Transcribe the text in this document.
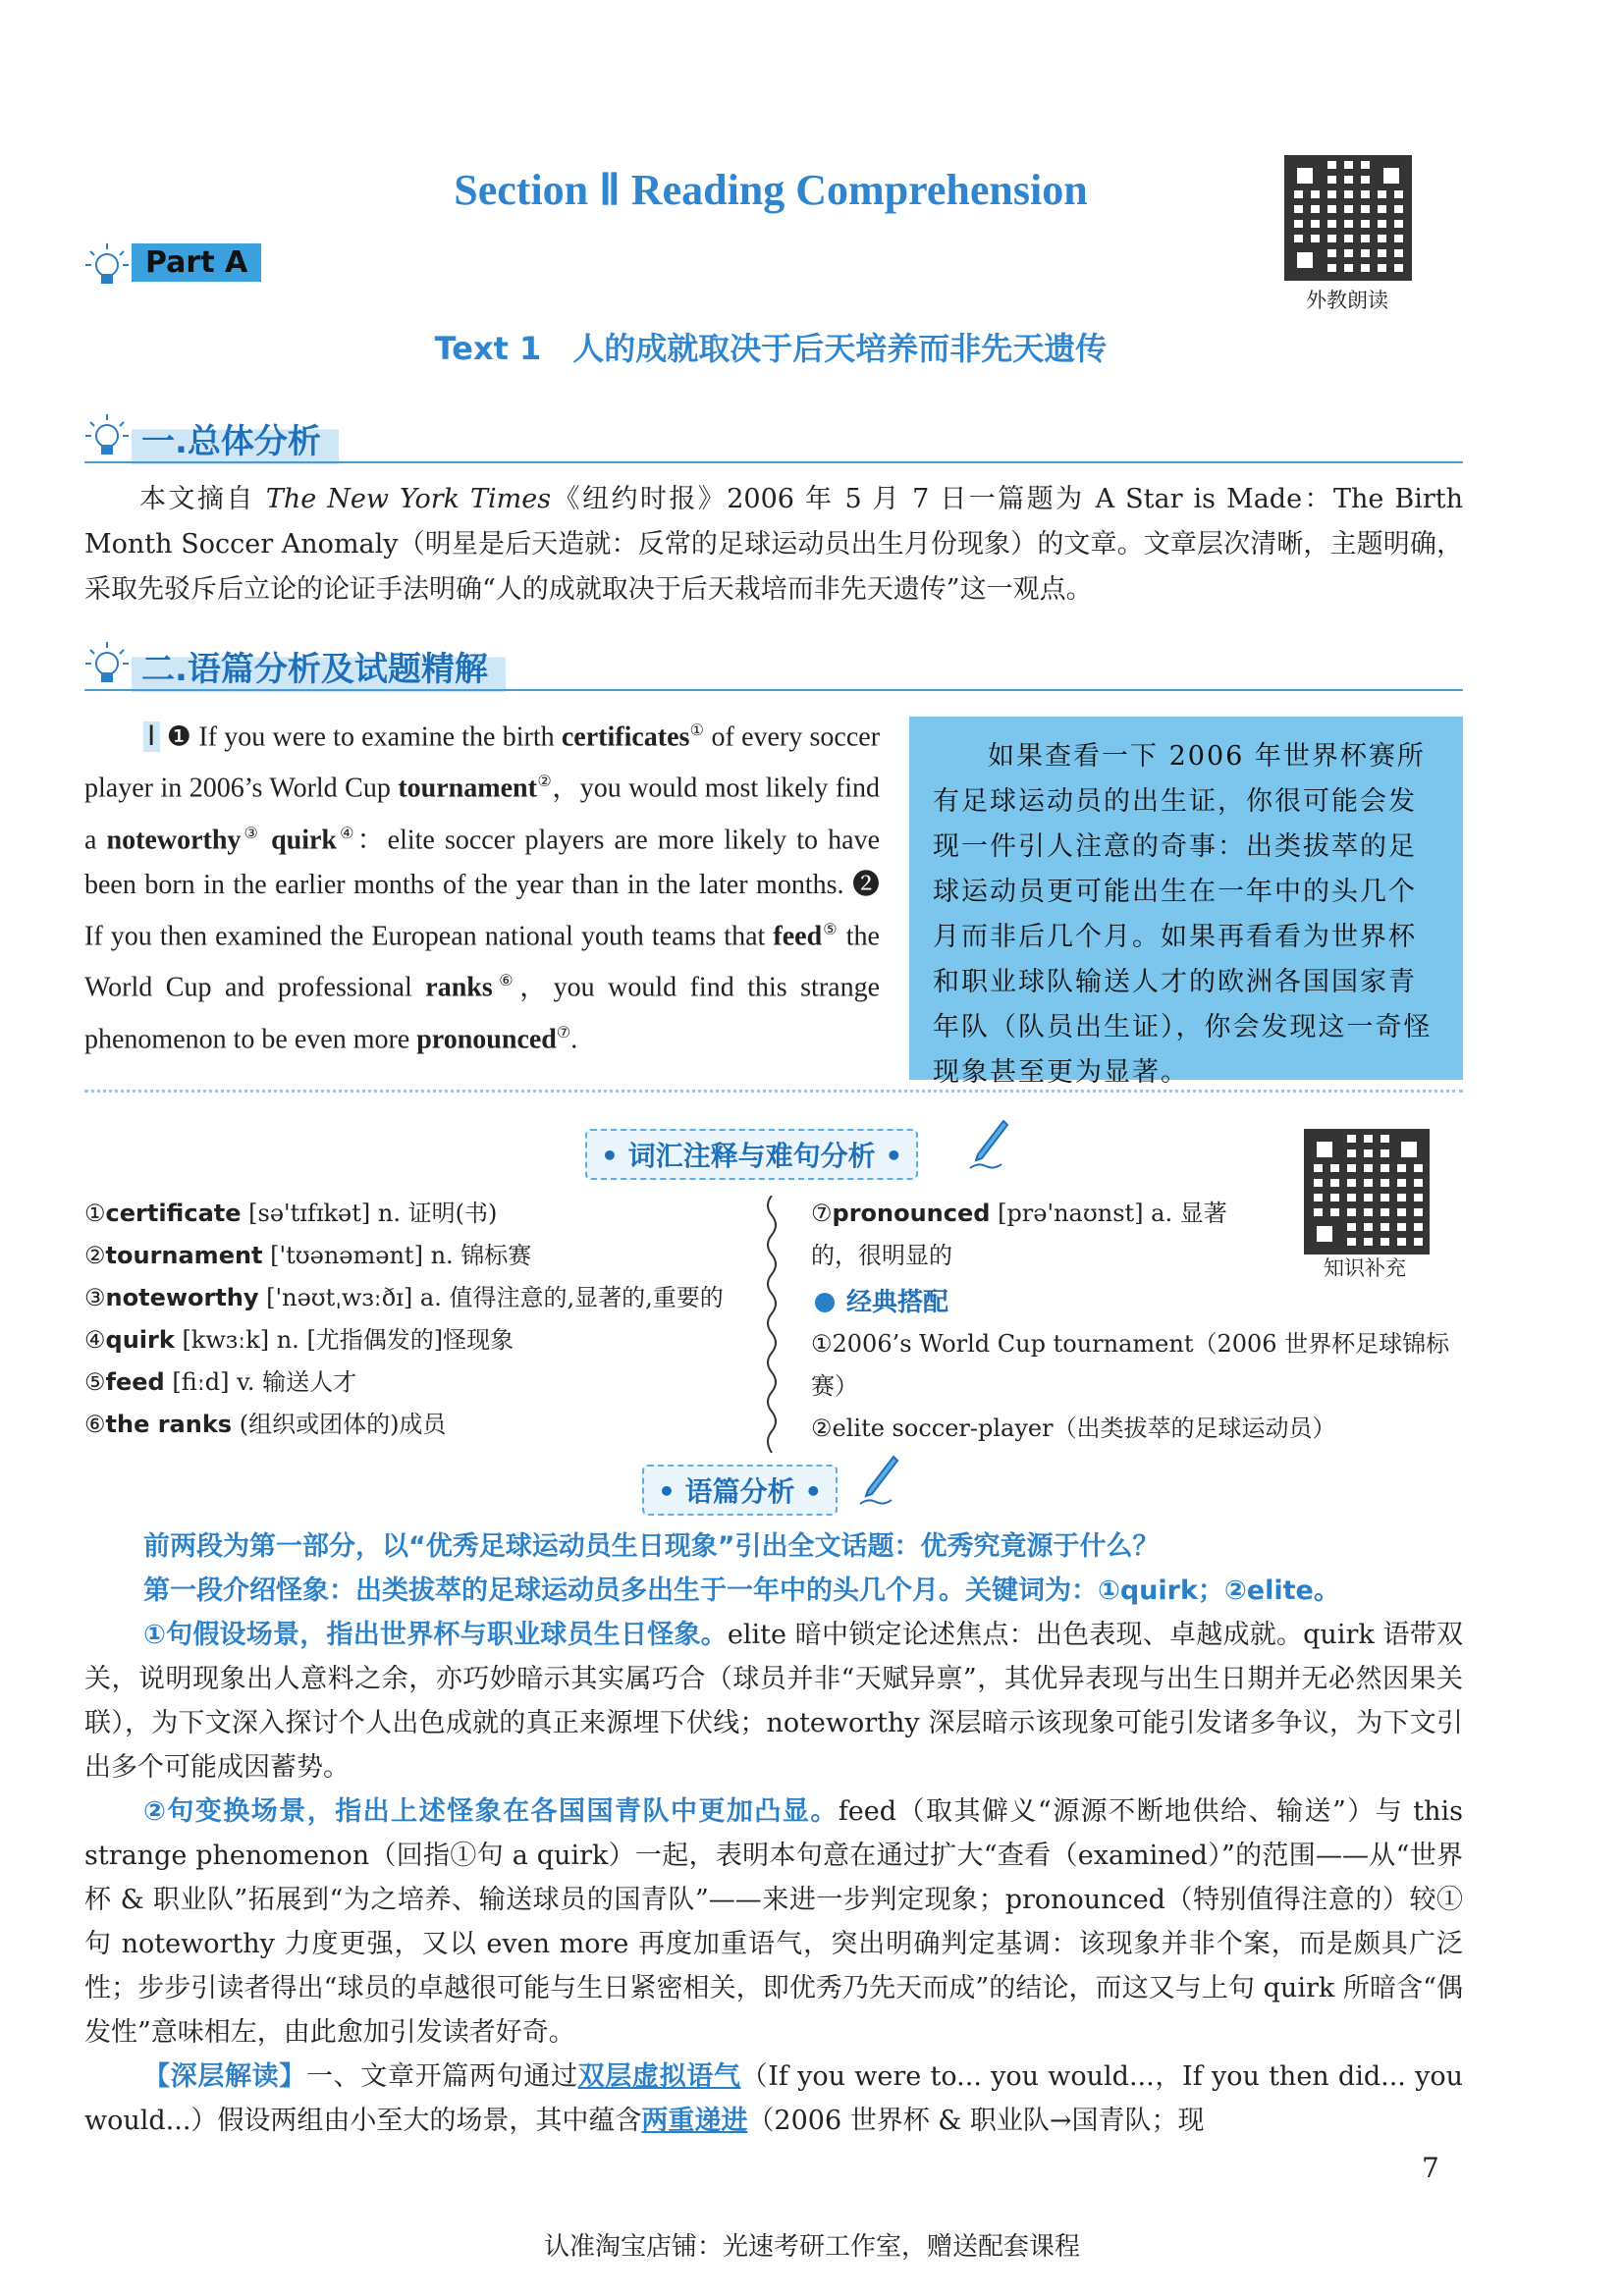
Section Ⅱ Reading Comprehension
外教朗读
Part A
Text 1　人的成就取决于后天培养而非先天遗传
一.总体分析

本文摘自 The New York Times《纽约时报》2006 年 5 月 7 日一篇题为 A Star is Made：The Birth Month Soccer Anomaly（明星是后天造就：反常的足球运动员出生月份现象）的文章。文章层次清晰，主题明确，采取先驳斥后立论的论证手法明确“人的成就取决于后天栽培而非先天遗传”这一观点。

二.语篇分析及试题精解

Ⅰ ❶ If you were to examine the birth certificates① of every soccer player in 2006’s World Cup tournament②，you would most likely find a noteworthy③ quirk④：elite soccer players are more likely to have been born in the earlier months of the year than in the later months. ❷ If you then examined the European national youth teams that feed⑤ the World Cup and professional ranks⑥，you would find this strange phenomenon to be even more pronounced⑦.

如果查看一下 2006 年世界杯赛所有足球运动员的出生证，你很可能会发现一件引人注意的奇事：出类拔萃的足球运动员更可能出生在一年中的头几个月而非后几个月。如果再看看为世界杯和职业球队输送人才的欧洲各国国家青年队（队员出生证），你会发现这一奇怪现象甚至更为显著。
• 词汇注释与难句分析 •
知识补充
①certificate [sə'tɪfɪkət] n. 证明(书)
②tournament ['tʊənəmənt] n. 锦标赛
③noteworthy ['nəʊtˌwɜːðɪ] a. 值得注意的,显著的,重要的
④quirk [kwɜːk] n. [尤指偶发的]怪现象
⑤feed [fiːd] v. 输送人才
⑥the ranks (组织或团体的)成员
⑦pronounced [prə'naʊnst] a. 显著的，很明显的
经典搭配
①2006’s World Cup tournament（2006 世界杯足球锦标赛）
②elite soccer-player（出类拔萃的足球运动员）
• 语篇分析 •

前两段为第一部分，以“优秀足球运动员生日现象”引出全文话题：优秀究竟源于什么？

第一段介绍怪象：出类拔萃的足球运动员多出生于一年中的头几个月。关键词为：①quirk；②elite。

①句假设场景，指出世界杯与职业球员生日怪象。elite 暗中锁定论述焦点：出色表现、卓越成就。quirk 语带双关，说明现象出人意料之余，亦巧妙暗示其实属巧合（球员并非“天赋异禀”，其优异表现与出生日期并无必然因果关联），为下文深入探讨个人出色成就的真正来源埋下伏线；noteworthy 深层暗示该现象可能引发诸多争议，为下文引出多个可能成因蓄势。

②句变换场景，指出上述怪象在各国国青队中更加凸显。feed（取其僻义“源源不断地供给、输送”）与 this strange phenomenon（回指①句 a quirk）一起，表明本句意在通过扩大“查看（examined）”的范围——从“世界杯 & 职业队”拓展到“为之培养、输送球员的国青队”——来进一步判定现象；pronounced（特别值得注意的）较①句 noteworthy 力度更强，又以 even more 再度加重语气，突出明确判定基调：该现象并非个案，而是颇具广泛性；步步引读者得出“球员的卓越很可能与生日紧密相关，即优秀乃先天而成”的结论，而这又与上句 quirk 所暗含“偶发性”意味相左，由此愈加引发读者好奇。

【深层解读】一、文章开篇两句通过双层虚拟语气（If you were to... you would...，If you then did... you would...）假设两组由小至大的场景，其中蕴含两重递进（2006 世界杯 & 职业队→国青队；现

7
认准淘宝店铺：光速考研工作室，赠送配套课程
